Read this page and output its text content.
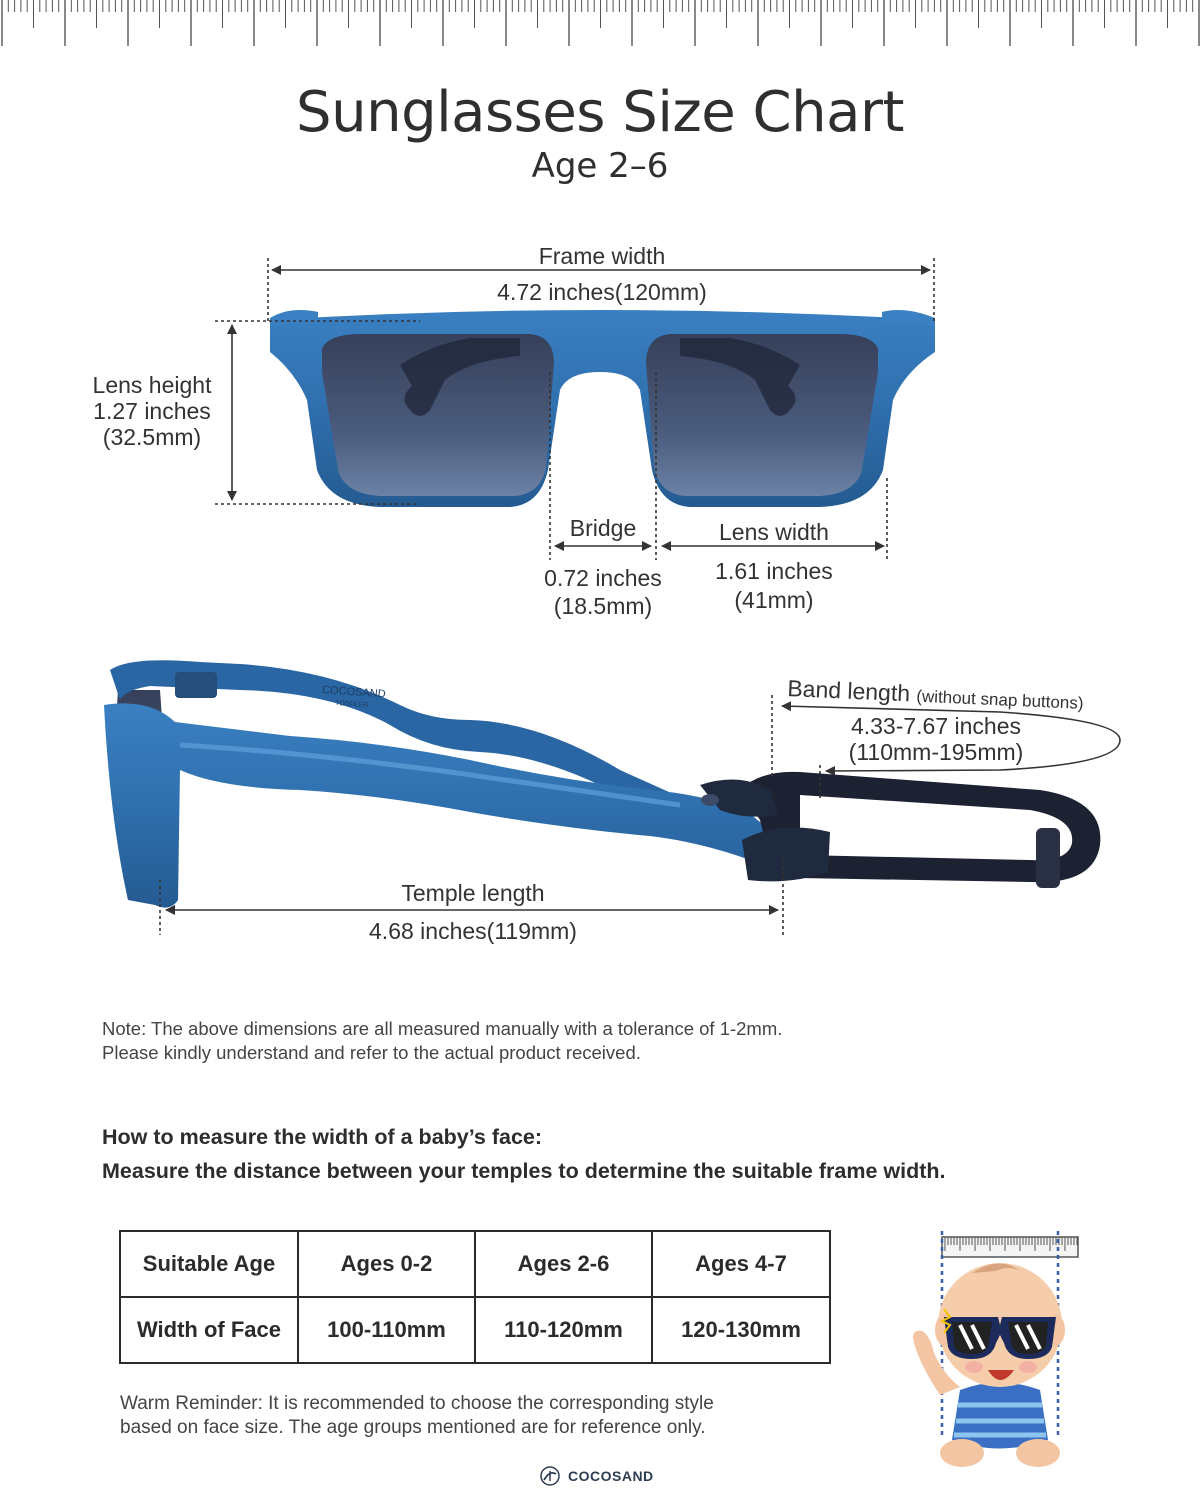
Sunglasses Size Chart
Age 2–6
COCOSAND
TODDLER
Frame width
4.72 inches(120mm)
Lens height
1.27 inches
(32.5mm)
Bridge
0.72 inches
(18.5mm)
Lens width
1.61 inches
(41mm)
Band length (without snap buttons)
4.33-7.67 inches
(110mm-195mm)
Temple length
4.68 inches(119mm)
Note: The above dimensions are all measured manually with a tolerance of 1-2mm.
Please kindly understand and refer to the actual product received.
How to measure the width of a baby’s face:
Measure the distance between your temples to determine the suitable frame width.
Suitable Age	Ages 0-2	Ages 2-6	Ages 4-7
Width of Face	100-110mm	110-120mm	120-130mm
Warm Reminder: It is recommended to choose the corresponding style
based on face size. The age groups mentioned are for reference only.
COCOSAND
